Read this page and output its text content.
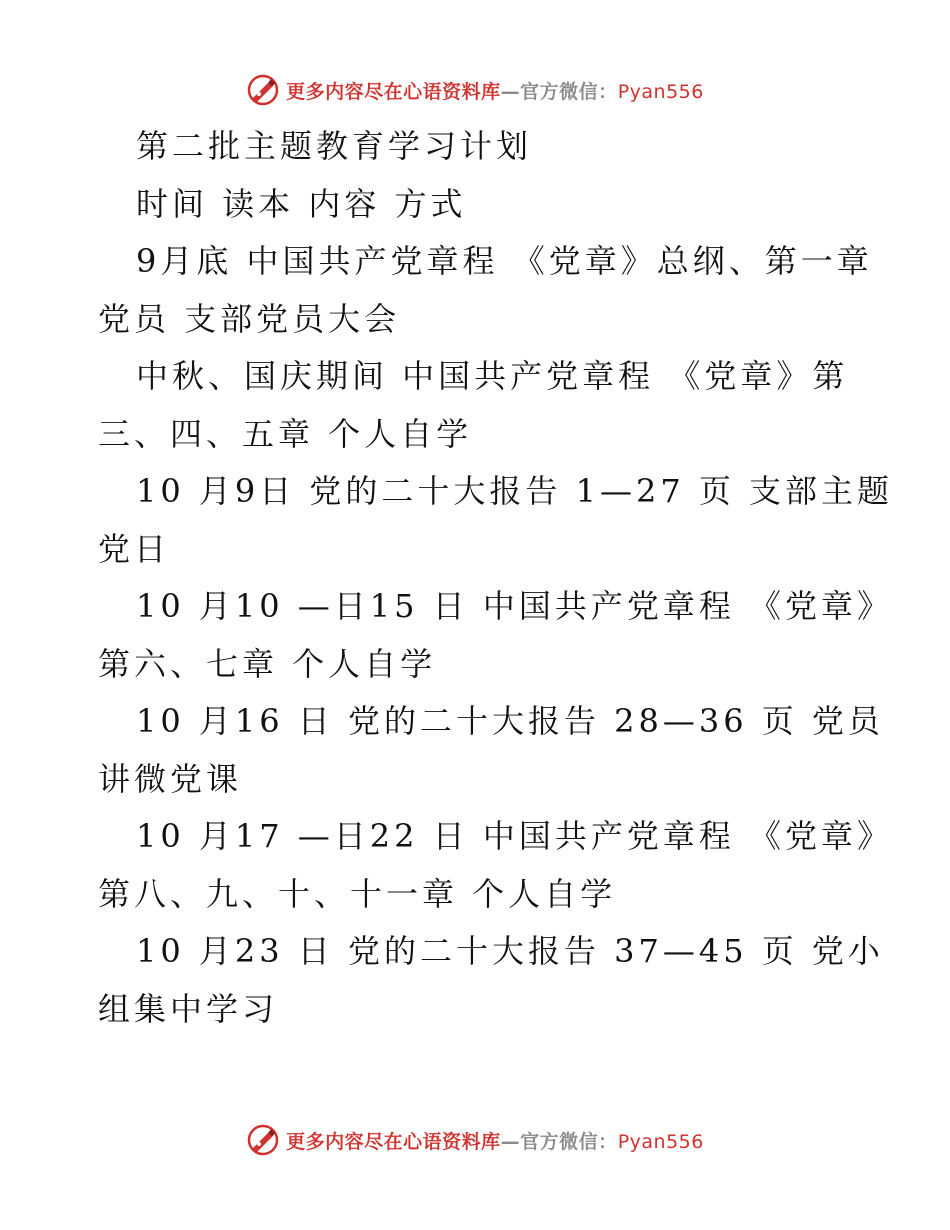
更多内容尽在心语资料库—官方微信：Pyan556
第二批主题教育学习计划
时间 读本 内容 方式
9月底 中国共产党章程 《党章》总纲、第一章
党员 支部党员大会
中秋、国庆期间 中国共产党章程 《党章》第
三、四、五章 个人自学
10 月9日 党的二十大报告 1—27 页 支部主题
党日
10 月10 —日15 日 中国共产党章程 《党章》
第六、七章 个人自学
10 月16 日 党的二十大报告 28—36 页 党员
讲微党课
10 月17 —日22 日 中国共产党章程 《党章》
第八、九、十、十一章 个人自学
10 月23 日 党的二十大报告 37—45 页 党小
组集中学习
更多内容尽在心语资料库—官方微信：Pyan556
